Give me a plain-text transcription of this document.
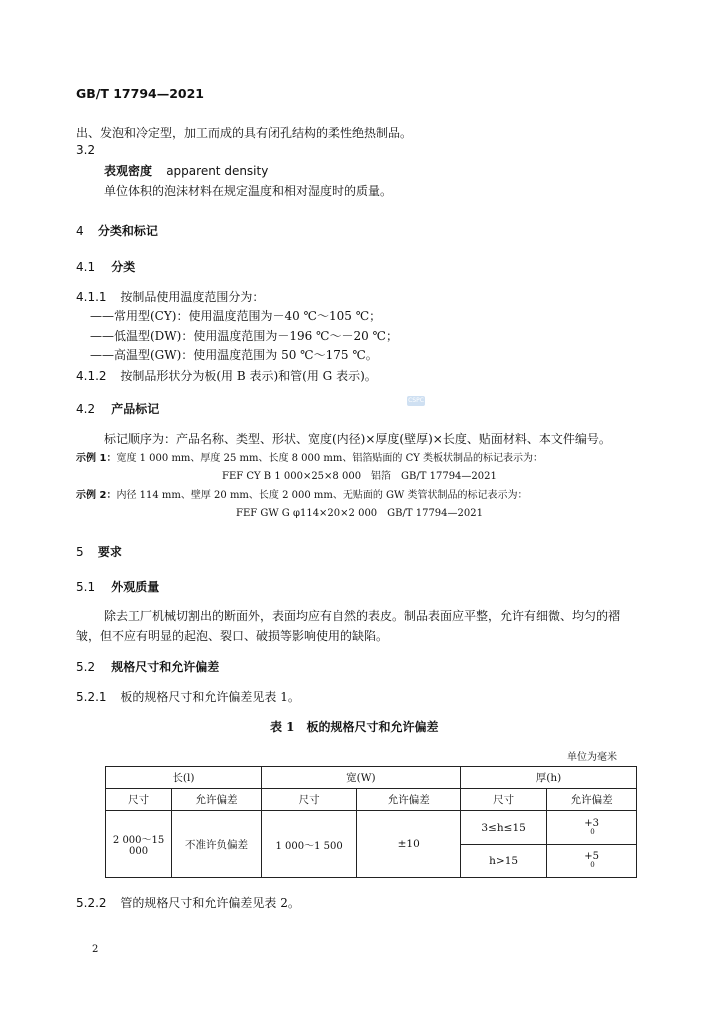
GB/T 17794—2021
出、发泡和冷定型，加工而成的具有闭孔结构的柔性绝热制品。
3.2
表观密度 apparent density
单位体积的泡沫材料在规定温度和相对湿度时的质量。
4 分类和标记
4.1 分类
4.1.1 按制品使用温度范围分为：
——常用型(CY)：使用温度范围为－40 ℃～105 ℃；
——低温型(DW)：使用温度范围为－196 ℃～－20 ℃；
——高温型(GW)：使用温度范围为 50 ℃～175 ℃。
4.1.2 按制品形状分为板(用 B 表示)和管(用 G 表示)。
CSPC
4.2 产品标记
标记顺序为：产品名称、类型、形状、宽度(内径)×厚度(壁厚)×长度、贴面材料、本文件编号。
示例 1：宽度 1 000 mm、厚度 25 mm、长度 8 000 mm、铝箔贴面的 CY 类板状制品的标记表示为：
FEF CY B 1 000×25×8 000　铝箔　GB/T 17794—2021
示例 2：内径 114 mm、壁厚 20 mm、长度 2 000 mm、无贴面的 GW 类管状制品的标记表示为：
FEF GW G φ114×20×2 000　GB/T 17794—2021
5 要求
5.1 外观质量
除去工厂机械切割出的断面外，表面均应有自然的表皮。制品表面应平整，允许有细微、均匀的褶
皱，但不应有明显的起泡、裂口、破损等影响使用的缺陷。
5.2 规格尺寸和允许偏差
5.2.1 板的规格尺寸和允许偏差见表 1。
表 1　板的规格尺寸和允许偏差
单位为毫米
长(l)		宽(W)		厚(h)	
尺寸	允许偏差	尺寸	允许偏差	尺寸	允许偏差
2 000～15 000	不准许负偏差	1 000～1 500	±10	3≤h≤15	+3
0

				h>15	+5
0
5.2.2 管的规格尺寸和允许偏差见表 2。
2
